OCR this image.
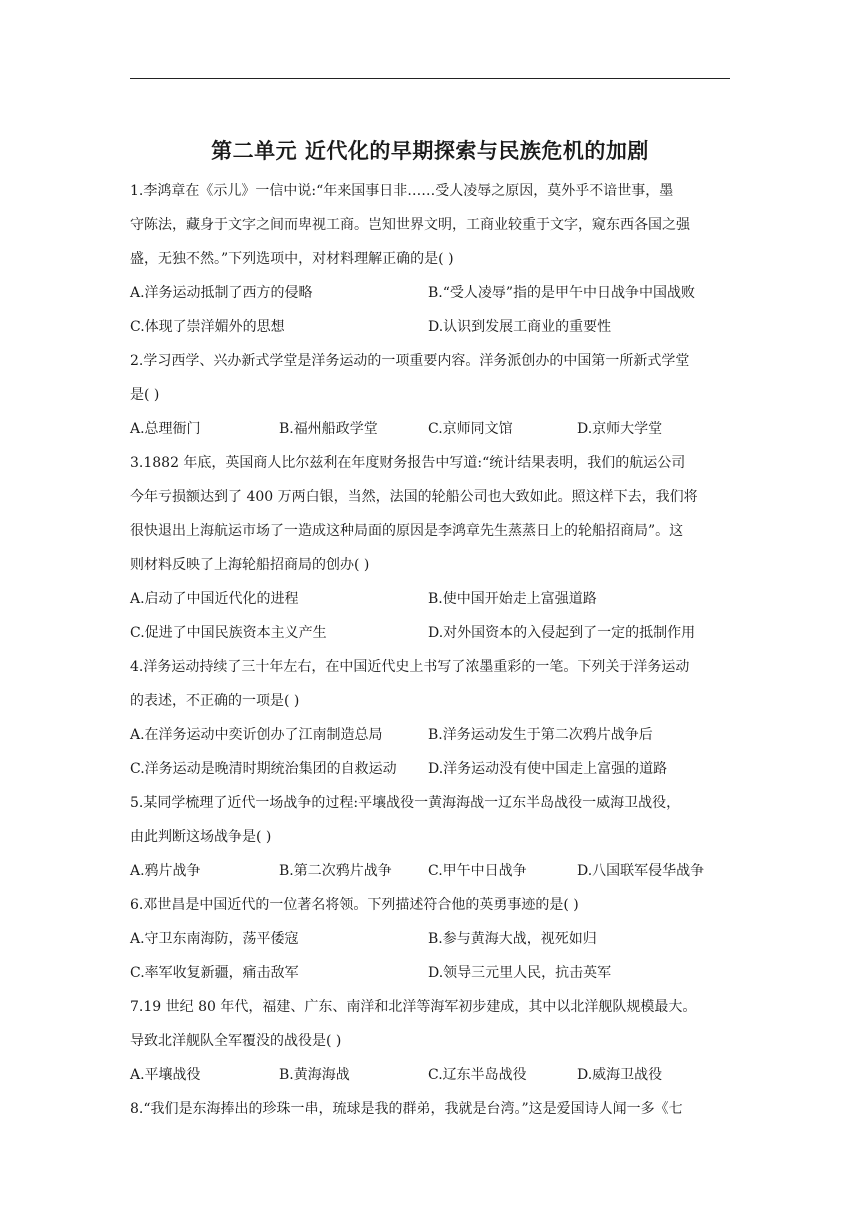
第二单元 近代化的早期探索与民族危机的加剧
1.李鸿章在《示儿》一信中说:“年来国事日非……受人凌辱之原因，莫外乎不谙世事，墨
守陈法，藏身于文字之间而卑视工商。岂知世界文明，工商业较重于文字，窥东西各国之强
盛，无独不然。”下列选项中，对材料理解正确的是( )
A.洋务运动抵制了西方的侵略	B.“受人凌辱”指的是甲午中日战争中国战败
C.体现了崇洋媚外的思想	D.认识到发展工商业的重要性
2.学习西学、兴办新式学堂是洋务运动的一项重要内容。洋务派创办的中国第一所新式学堂
是( )
A.总理衙门	B.福州船政学堂	C.京师同文馆	D.京师大学堂
3.1882 年底，英国商人比尔兹利在年度财务报告中写道:“统计结果表明，我们的航运公司
今年亏损额达到了 400 万两白银，当然，法国的轮船公司也大致如此。照这样下去，我们将
很快退出上海航运市场了一造成这种局面的原因是李鸿章先生蒸蒸日上的轮船招商局”。这
则材料反映了上海轮船招商局的创办( )
A.启动了中国近代化的进程	B.使中国开始走上富强道路
C.促进了中国民族资本主义产生	D.对外国资本的入侵起到了一定的抵制作用
4.洋务运动持续了三十年左右，在中国近代史上书写了浓墨重彩的一笔。下列关于洋务运动
的表述，不正确的一项是( )
A.在洋务运动中奕䜣创办了江南制造总局	B.洋务运动发生于第二次鸦片战争后
C.洋务运动是晚清时期统治集团的自救运动 D.洋务运动没有使中国走上富强的道路
5.某同学梳理了近代一场战争的过程:平壤战役一黄海海战一辽东半岛战役一威海卫战役，
由此判断这场战争是( )
A.鸦片战争	B.第二次鸦片战争	C.甲午中日战争	D.八国联军侵华战争
6.邓世昌是中国近代的一位著名将领。下列描述符合他的英勇事迹的是( )
A.守卫东南海防，荡平倭寇	B.参与黄海大战，视死如归
C.率军收复新疆，痛击敌军	D.领导三元里人民，抗击英军
7.19 世纪 80 年代，福建、广东、南洋和北洋等海军初步建成，其中以北洋舰队规模最大。
导致北洋舰队全军覆没的战役是( )
A.平壤战役	B.黄海海战	C.辽东半岛战役	D.威海卫战役
8.“我们是东海捧出的珍珠一串，琉球是我的群弟，我就是台湾。”这是爱国诗人闻一多《七
